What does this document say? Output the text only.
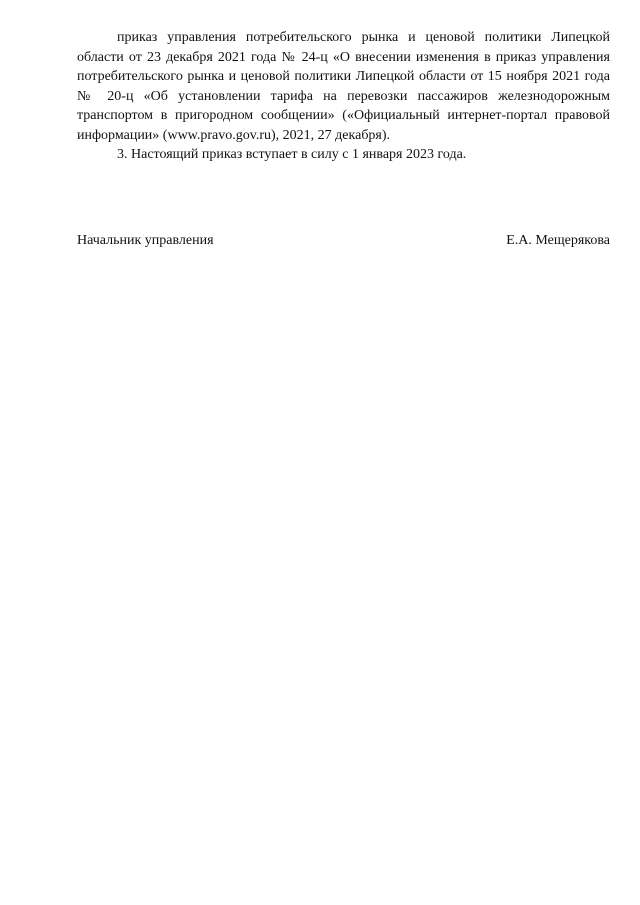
приказ управления потребительского рынка и ценовой политики Липецкой области от 23 декабря 2021 года № 24-ц «О внесении изменения в приказ управления потребительского рынка и ценовой политики Липецкой области от 15 ноября 2021 года № 20-ц «Об установлении тарифа на перевозки пассажиров железнодорожным транспортом в пригородном сообщении» («Официальный интернет-портал правовой информации» (www.pravo.gov.ru), 2021, 27 декабря).

3. Настоящий приказ вступает в силу с 1 января 2023 года.

Начальник управления	Е.А. Мещерякова
